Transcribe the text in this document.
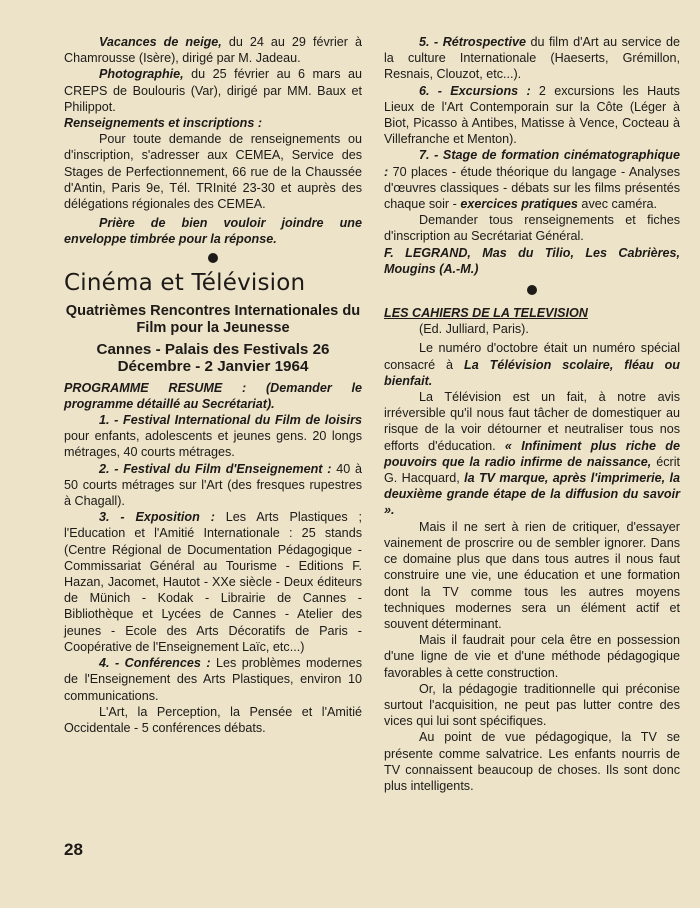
Vacances de neige, du 24 au 29 février à Chamrousse (Isère), dirigé par M. Jadeau.

Photographie, du 25 février au 6 mars au CREPS de Boulouris (Var), dirigé par MM. Baux et Philippot.

Renseignements et inscriptions :

Pour toute demande de renseignements ou d'inscription, s'adresser aux CEMEA, Service des Stages de Perfectionnement, 66 rue de la Chaussée d'Antin, Paris 9e, Tél. TRInité 23-30 et auprès des délégations régionales des CEMEA.

Prière de bien vouloir joindre une enveloppe timbrée pour la réponse.

Cinéma et Télévision
Quatrièmes Rencontres Internationales du Film pour la Jeunesse
Cannes - Palais des Festivals 26 Décembre - 2 Janvier 1964

PROGRAMME RESUME : (Demander le programme détaillé au Secrétariat).

1. - Festival International du Film de loisirs pour enfants, adolescents et jeunes gens. 20 longs métrages, 40 courts métrages.

2. - Festival du Film d'Enseignement : 40 à 50 courts métrages sur l'Art (des fresques rupestres à Chagall).

3. - Exposition : Les Arts Plastiques ; l'Education et l'Amitié Internationale : 25 stands (Centre Régional de Documentation Pédagogique - Commissariat Général au Tourisme - Editions F. Hazan, Jacomet, Hautot - XXe siècle - Deux éditeurs de Münich - Kodak - Librairie de Cannes - Bibliothèque et Lycées de Cannes - Atelier des jeunes - Ecole des Arts Décoratifs de Paris - Coopérative de l'Enseignement Laïc, etc...)

4. - Conférences : Les problèmes modernes de l'Enseignement des Arts Plastiques, environ 10 communications.

L'Art, la Perception, la Pensée et l'Amitié Occidentale - 5 conférences débats.

5. - Rétrospective du film d'Art au service de la culture Internationale (Haeserts, Grémillon, Resnais, Clouzot, etc...).

6. - Excursions : 2 excursions les Hauts Lieux de l'Art Contemporain sur la Côte (Léger à Biot, Picasso à Antibes, Matisse à Vence, Cocteau à Villefranche et Menton).

7. - Stage de formation cinématographique : 70 places - étude théorique du langage - Analyses d'œuvres classiques - débats sur les films présentés chaque soir - exercices pratiques avec caméra.

Demander tous renseignements et fiches d'inscription au Secrétariat Général.

F. LEGRAND, Mas du Tilio, Les Cabrières, Mougins (A.-M.)

LES CAHIERS DE LA TELEVISION

(Ed. Julliard, Paris).

Le numéro d'octobre était un numéro spécial consacré à La Télévision scolaire, fléau ou bienfait.

La Télévision est un fait, à notre avis irréversible qu'il nous faut tâcher de domestiquer au risque de la voir détourner et neutraliser tous nos efforts d'éducation. « Infiniment plus riche de pouvoirs que la radio infirme de naissance, écrit G. Hacquard, la TV marque, après l'imprimerie, la deuxième grande étape de la diffusion du savoir ».

Mais il ne sert à rien de critiquer, d'essayer vainement de proscrire ou de sembler ignorer. Dans ce domaine plus que dans tous autres il nous faut construire une vie, une éducation et une formation dont la TV comme tous les autres moyens techniques modernes sera un élément actif et souvent déterminant.

Mais il faudrait pour cela être en possession d'une ligne de vie et d'une méthode pédagogique favorables à cette construction.

Or, la pédagogie traditionnelle qui préconise surtout l'acquisition, ne peut pas lutter contre des vices qui lui sont spécifiques.

Au point de vue pédagogique, la TV se présente comme salvatrice. Les enfants nourris de TV connaissent beaucoup de choses. Ils sont donc plus intelligents.

28
